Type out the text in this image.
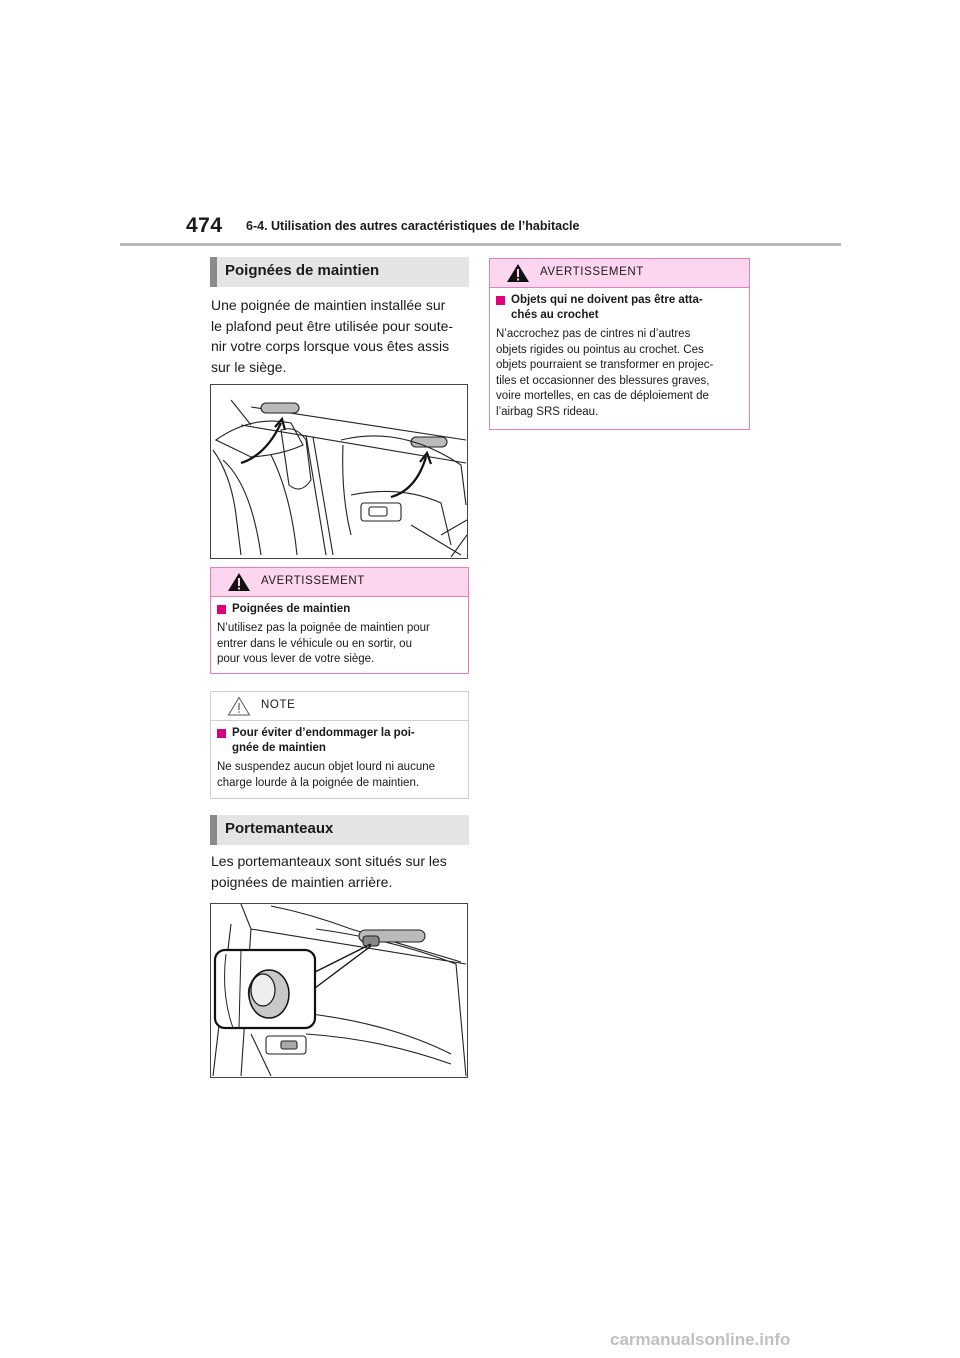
474 6-4. Utilisation des autres caractéristiques de l’habitacle
Poignées de maintien
Une poignée de maintien installée sur
le plafond peut être utilisée pour soute-
nir votre corps lorsque vous êtes assis
sur le siège.
AVERTISSEMENT
Poignées de maintien
N’utilisez pas la poignée de maintien pour
entrer dans le véhicule ou en sortir, ou
pour vous lever de votre siège.
NOTE
Pour éviter d’endommager la poi-
gnée de maintien
Ne suspendez aucun objet lourd ni aucune
charge lourde à la poignée de maintien.
Portemanteaux
Les portemanteaux sont situés sur les
poignées de maintien arrière.
AVERTISSEMENT
Objets qui ne doivent pas être atta-
chés au crochet
N’accrochez pas de cintres ni d’autres
objets rigides ou pointus au crochet. Ces
objets pourraient se transformer en projec-
tiles et occasionner des blessures graves,
voire mortelles, en cas de déploiement de
l’airbag SRS rideau.
carmanualsonline.info
